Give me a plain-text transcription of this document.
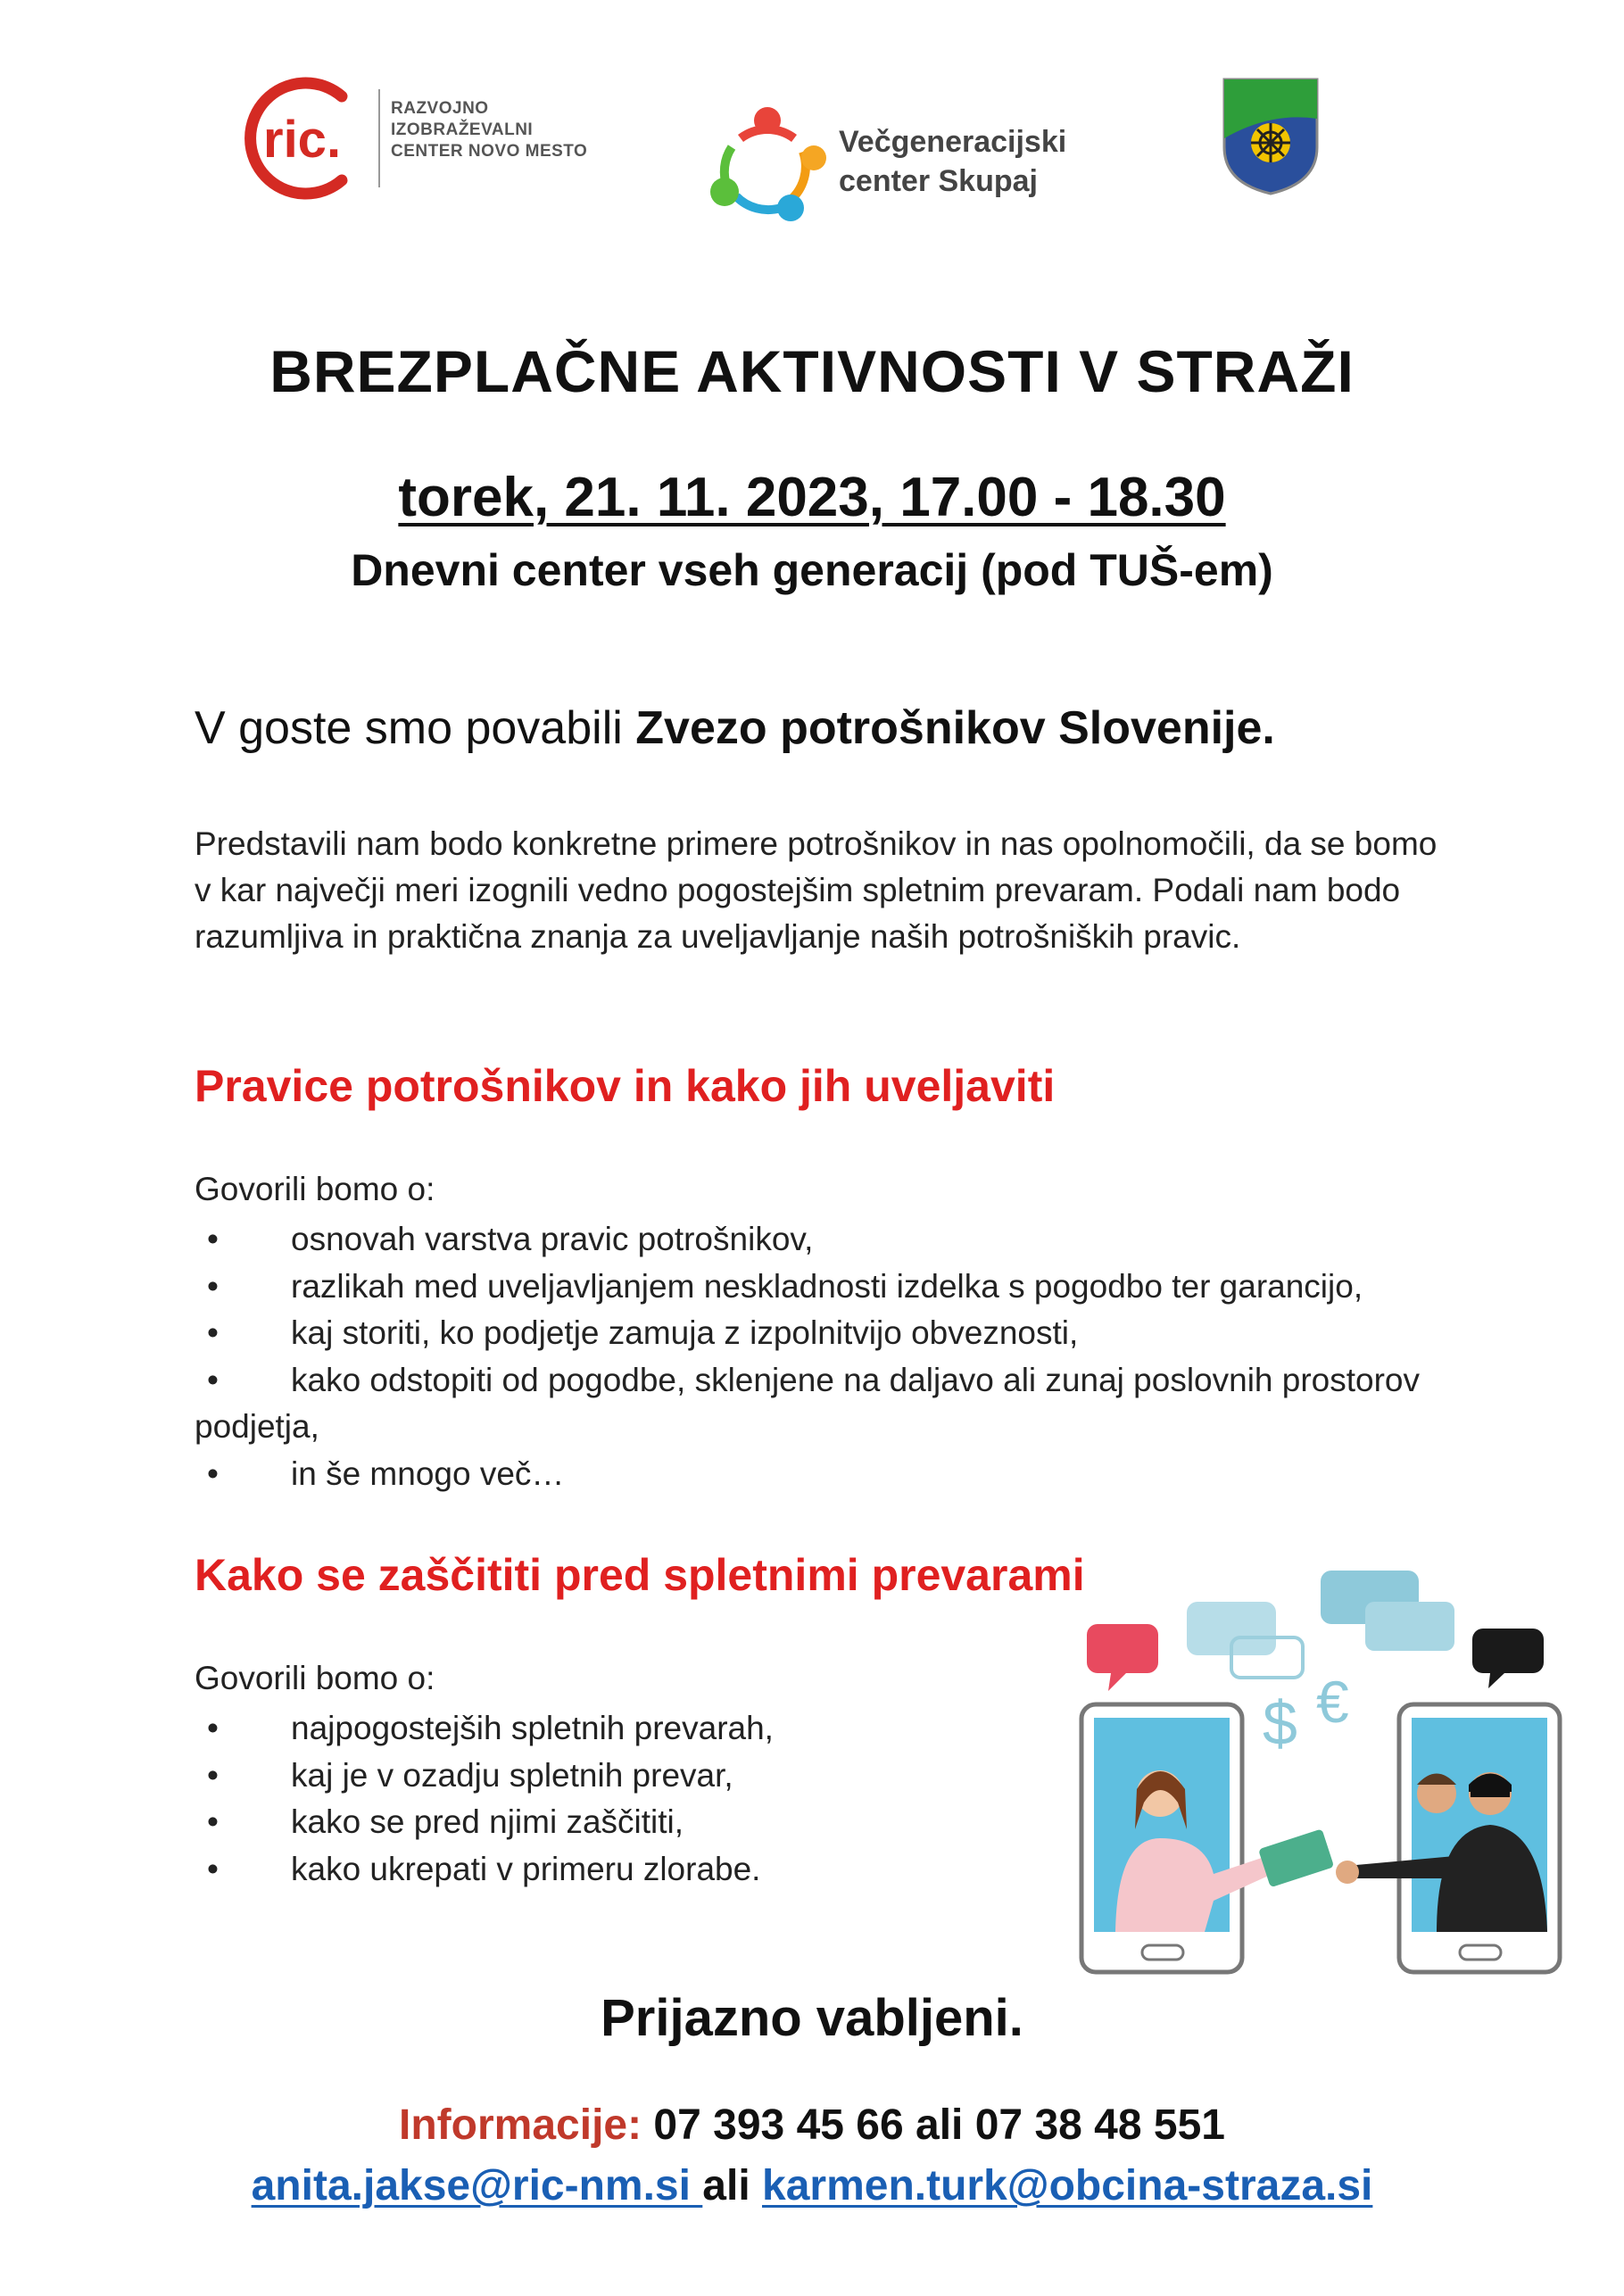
ric.
RAZVOJNO
IZOBRAŽEVALNI
CENTER NOVO MESTO	Večgeneracijski
center Skupaj
BREZPLAČNE AKTIVNOSTI V STRAŽI
torek, 21. 11. 2023, 17.00 - 18.30
Dnevni center vseh generacij (pod TUŠ-em)
V goste smo povabili Zvezo potrošnikov Slovenije.
Predstavili nam bodo konkretne primere potrošnikov in nas opolnomočili, da se bomo v kar največji meri izognili vedno pogostejšim spletnim prevaram. Podali nam bodo razumljiva in praktična znanja za uveljavljanje naših potrošniških pravic.
Pravice potrošnikov in kako jih uveljaviti
Govorili bomo o:
• osnovah varstva pravic potrošnikov,
• razlikah med uveljavljanjem neskladnosti izdelka s pogodbo ter garancijo,
• kaj storiti, ko podjetje zamuja z izpolnitvijo obveznosti,
• kako odstopiti od pogodbe, sklenjene na daljavo ali zunaj poslovnih prostorov podjetja,
• in še mnogo več…
Kako se zaščititi pred spletnimi prevarami
Govorili bomo o:
• najpogostejših spletnih prevarah,
• kaj je v ozadju spletnih prevar,
• kako se pred njimi zaščititi,
• kako ukrepati v primeru zlorabe.
$ €
Prijazno vabljeni.
Informacije: 07 393 45 66 ali 07 38 48 551
anita.jakse@ric-nm.si ali karmen.turk@obcina-straza.si
